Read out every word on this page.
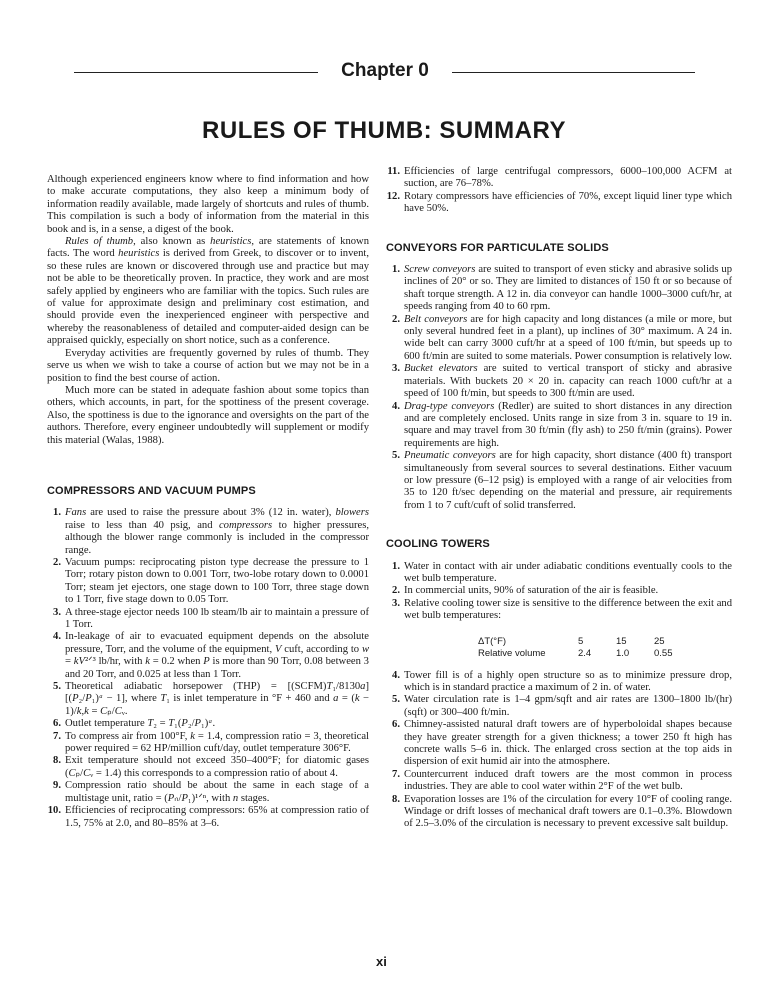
Chapter 0
RULES OF THUMB: SUMMARY

Although experienced engineers know where to find information and how to make accurate computations, they also keep a minimum body of information readily available, made largely of shortcuts and rules of thumb. This compilation is such a body of information from the material in this book and is, in a sense, a digest of the book.

Rules of thumb, also known as heuristics, are statements of known facts. The word heuristics is derived from Greek, to discover or to invent, so these rules are known or discovered through use and practice but may not be able to be theoretically proven. In practice, they work and are most safely applied by engineers who are familiar with the topics. Such rules are of value for approximate design and preliminary cost estimation, and should provide even the inexperienced engineer with perspective and whereby the reasonableness of detailed and computer-aided design can be appraised quickly, especially on short notice, such as a conference.

Everyday activities are frequently governed by rules of thumb. They serve us when we wish to take a course of action but we may not be in a position to find the best course of action.

Much more can be stated in adequate fashion about some topics than others, which accounts, in part, for the spottiness of the present coverage. Also, the spottiness is due to the ignorance and oversights on the part of the authors. Therefore, every engineer undoubtedly will supplement or modify this material (Walas, 1988).

COMPRESSORS AND VACUUM PUMPS
1. Fans are used to raise the pressure about 3% (12 in. water), blowers raise to less than 40 psig, and compressors to higher pressures, although the blower range commonly is included in the compressor range.
2. Vacuum pumps: reciprocating piston type decrease the pressure to 1 Torr; rotary piston down to 0.001 Torr, two-lobe rotary down to 0.0001 Torr; steam jet ejectors, one stage down to 100 Torr, three stage down to 1 Torr, five stage down to 0.05 Torr.
3. A three-stage ejector needs 100 lb steam/lb air to maintain a pressure of 1 Torr.
4. In-leakage of air to evacuated equipment depends on the absolute pressure, Torr, and the volume of the equipment, V cuft, according to w = kV²ᐟ³ lb/hr, with k = 0.2 when P is more than 90 Torr, 0.08 between 3 and 20 Torr, and 0.025 at less than 1 Torr.
5. Theoretical adiabatic horsepower (THP) = [(SCFM)T₁/8130a] [(P₂/P₁)ᵃ − 1], where T₁ is inlet temperature in °F + 460 and a = (k − 1)/k,k = Cₚ/Cᵥ.
6. Outlet temperature T₂ = T₁(P₂/P₁)ᵃ.
7. To compress air from 100°F, k = 1.4, compression ratio = 3, theoretical power required = 62 HP/million cuft/day, outlet temperature 306°F.
8. Exit temperature should not exceed 350–400°F; for diatomic gases (Cₚ/Cᵥ = 1.4) this corresponds to a compression ratio of about 4.
9. Compression ratio should be about the same in each stage of a multistage unit, ratio = (Pₙ/P₁)¹ᐟⁿ, with n stages.
10. Efficiencies of reciprocating compressors: 65% at compression ratio of 1.5, 75% at 2.0, and 80–85% at 3–6.
11. Efficiencies of large centrifugal compressors, 6000–100,000 ACFM at suction, are 76–78%.
12. Rotary compressors have efficiencies of 70%, except liquid liner type which have 50%.
CONVEYORS FOR PARTICULATE SOLIDS
1. Screw conveyors are suited to transport of even sticky and abrasive solids up inclines of 20° or so. They are limited to distances of 150 ft or so because of shaft torque strength. A 12 in. dia conveyor can handle 1000–3000 cuft/hr, at speeds ranging from 40 to 60 rpm.
2. Belt conveyors are for high capacity and long distances (a mile or more, but only several hundred feet in a plant), up inclines of 30° maximum. A 24 in. wide belt can carry 3000 cuft/hr at a speed of 100 ft/min, but speeds up to 600 ft/min are suited to some materials. Power consumption is relatively low.
3. Bucket elevators are suited to vertical transport of sticky and abrasive materials. With buckets 20 × 20 in. capacity can reach 1000 cuft/hr at a speed of 100 ft/min, but speeds to 300 ft/min are used.
4. Drag-type conveyors (Redler) are suited to short distances in any direction and are completely enclosed. Units range in size from 3 in. square to 19 in. square and may travel from 30 ft/min (fly ash) to 250 ft/min (grains). Power requirements are high.
5. Pneumatic conveyors are for high capacity, short distance (400 ft) transport simultaneously from several sources to several destinations. Either vacuum or low pressure (6–12 psig) is employed with a range of air velocities from 35 to 120 ft/sec depending on the material and pressure, air requirements from 1 to 7 cuft/cuft of solid transferred.
COOLING TOWERS
1. Water in contact with air under adiabatic conditions eventually cools to the wet bulb temperature.
2. In commercial units, 90% of saturation of the air is feasible.
3. Relative cooling tower size is sensitive to the difference between the exit and wet bulb temperatures:
ΔT(°F)	5	15	25
Relative volume	2.4	1.0	0.55
4. Tower fill is of a highly open structure so as to minimize pressure drop, which is in standard practice a maximum of 2 in. of water.
5. Water circulation rate is 1–4 gpm/sqft and air rates are 1300–1800 lb/(hr)(sqft) or 300–400 ft/min.
6. Chimney-assisted natural draft towers are of hyperboloidal shapes because they have greater strength for a given thickness; a tower 250 ft high has concrete walls 5–6 in. thick. The enlarged cross section at the top aids in dispersion of exit humid air into the atmosphere.
7. Countercurrent induced draft towers are the most common in process industries. They are able to cool water within 2°F of the wet bulb.
8. Evaporation losses are 1% of the circulation for every 10°F of cooling range. Windage or drift losses of mechanical draft towers are 0.1–0.3%. Blowdown of 2.5–3.0% of the circulation is necessary to prevent excessive salt buildup.
xi
